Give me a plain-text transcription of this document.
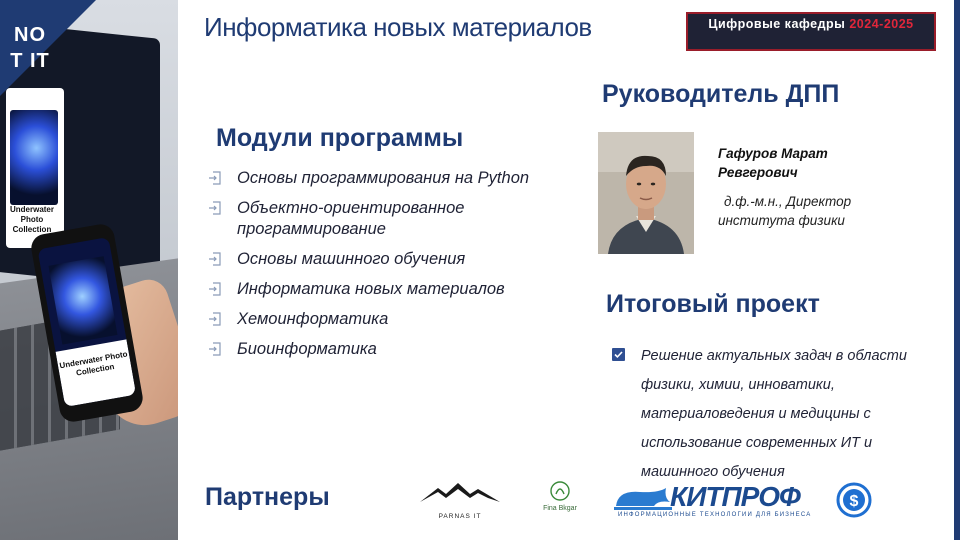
Underwater Photo Collection
Underwater Photo Collection
NO
T IT
Информатика новых материалов	Цифровые кафедры 2024-2025
Модули программы
Основы программирования на Python
Объектно-ориентированное программирование
Основы машинного обучения
Информатика новых материалов
Хемоинформатика
Биоинформатика
Руководитель ДПП
Гафуров Марат Ревгерович
д.ф.-м.н., Директор института физики
Итоговый проект
Решение актуальных задач в области физики, химии, инноватики, материаловедения и медицины с использование современных ИТ и машинного обучения
Партнеры
PARNAS IT
Fina Bkgar	КИТПРОФ
ИНФОРМАЦИОННЫЕ ТЕХНОЛОГИИ ДЛЯ БИЗНЕСА
$
